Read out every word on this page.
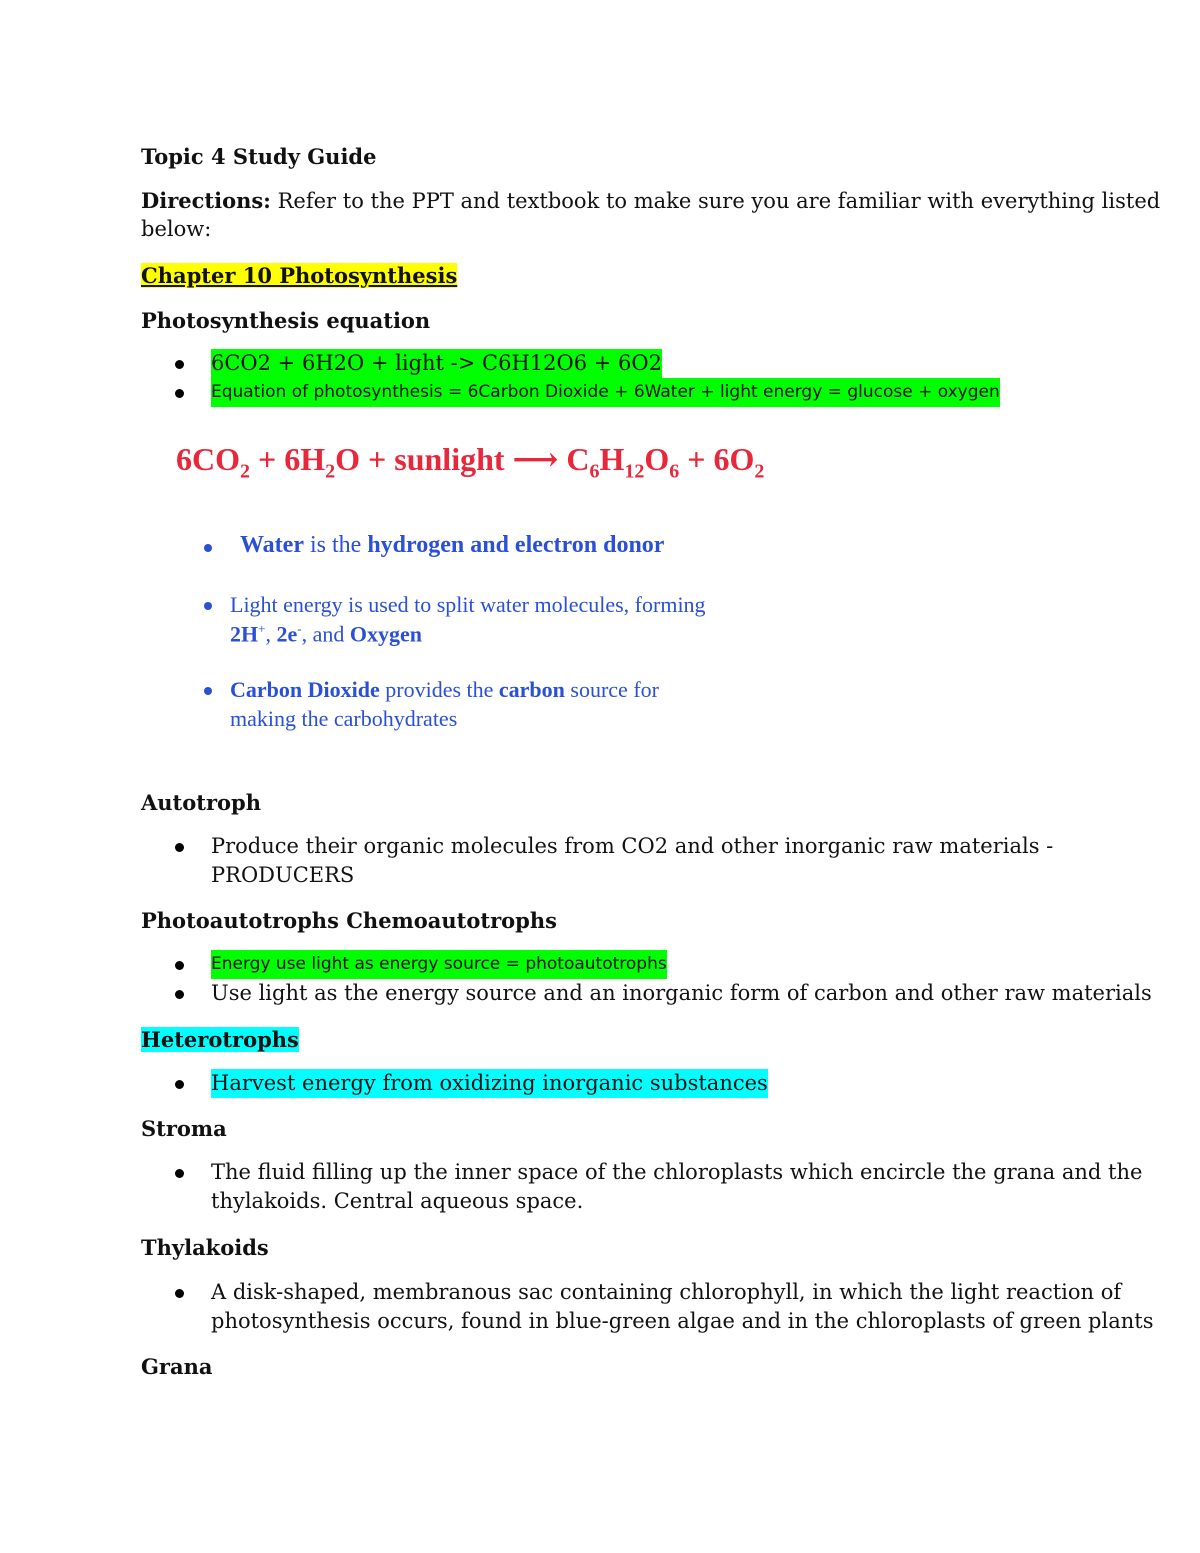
Topic 4 Study Guide
Directions: Refer to the PPT and textbook to make sure you are familiar with everything listed
below:
Chapter 10 Photosynthesis
Photosynthesis equation
6CO2 + 6H2O + light -> C6H12O6 + 6O2
Equation of photosynthesis = 6Carbon Dioxide + 6Water + light energy = glucose + oxygen
$6CO_2 + 6H_2O$ + sunlight ⟶ $C_6H_{12}O_6 + 6O_2$
Water is the hydrogen and electron donor
Light energy is used to split water molecules, forming
2H+, 2e-, and Oxygen
Carbon Dioxide provides the carbon source for
making the carbohydrates
Autotroph
Produce their organic molecules from CO2 and other inorganic raw materials -
PRODUCERS
Photoautotrophs Chemoautotrophs
Energy use light as energy source = photoautotrophs
Use light as the energy source and an inorganic form of carbon and other raw materials
Heterotrophs
Harvest energy from oxidizing inorganic substances
Stroma
The fluid filling up the inner space of the chloroplasts which encircle the grana and the
thylakoids. Central aqueous space.
Thylakoids
A disk-shaped, membranous sac containing chlorophyll, in which the light reaction of
photosynthesis occurs, found in blue-green algae and in the chloroplasts of green plants
Grana
